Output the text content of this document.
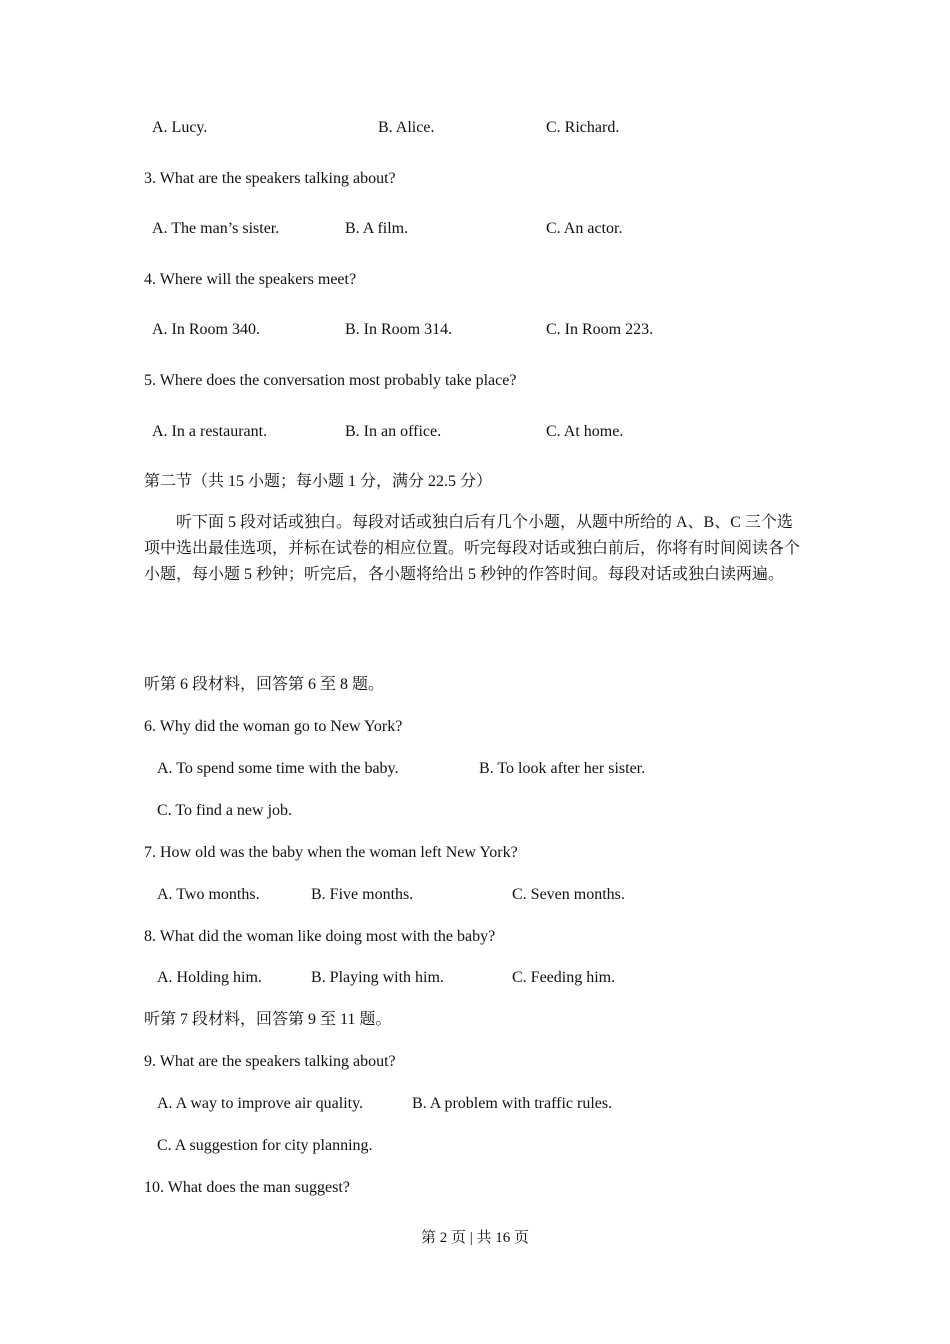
A. Lucy.	B. Alice.	C. Richard.
3. What are the speakers talking about?
A. The man’s sister.	B. A film.	C. An actor.
4. Where will the speakers meet?
A. In Room 340.	B. In Room 314.	C. In Room 223.
5. Where does the conversation most probably take place?
A. In a restaurant.	B. In an office.	C. At home.
第二节（共 15 小题；每小题 1 分，满分 22.5 分）
听下面 5 段对话或独白。每段对话或独白后有几个小题，从题中所给的 A、B、C 三个选项中选出最佳选项，并标在试卷的相应位置。听完每段对话或独白前后，你将有时间阅读各个小题，每小题 5 秒钟；听完后，各小题将给出 5 秒钟的作答时间。每段对话或独白读两遍。
听第 6 段材料，回答第 6 至 8 题。
6. Why did the woman go to New York?
A. To spend some time with the baby.	B. To look after her sister.
C. To find a new job.
7. How old was the baby when the woman left New York?
A. Two months.	B. Five months.	C. Seven months.
8. What did the woman like doing most with the baby?
A. Holding him.	B. Playing with him.	C. Feeding him.
听第 7 段材料，回答第 9 至 11 题。
9. What are the speakers talking about?
A. A way to improve air quality.	B. A problem with traffic rules.
C. A suggestion for city planning.
10. What does the man suggest?
第 2 页 | 共 16 页
